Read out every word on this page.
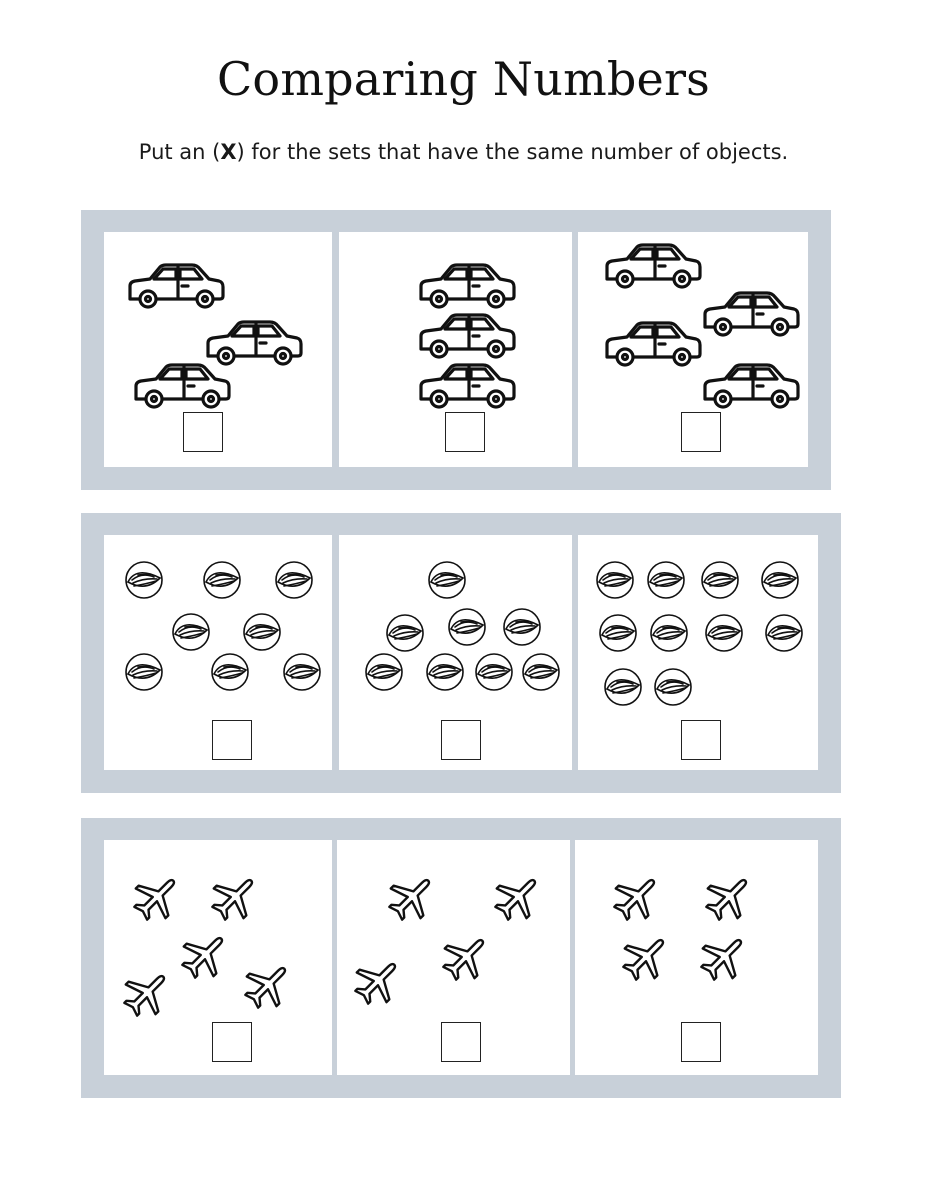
Comparing Numbers

Put an (X) for the sets that have the same number of objects.
